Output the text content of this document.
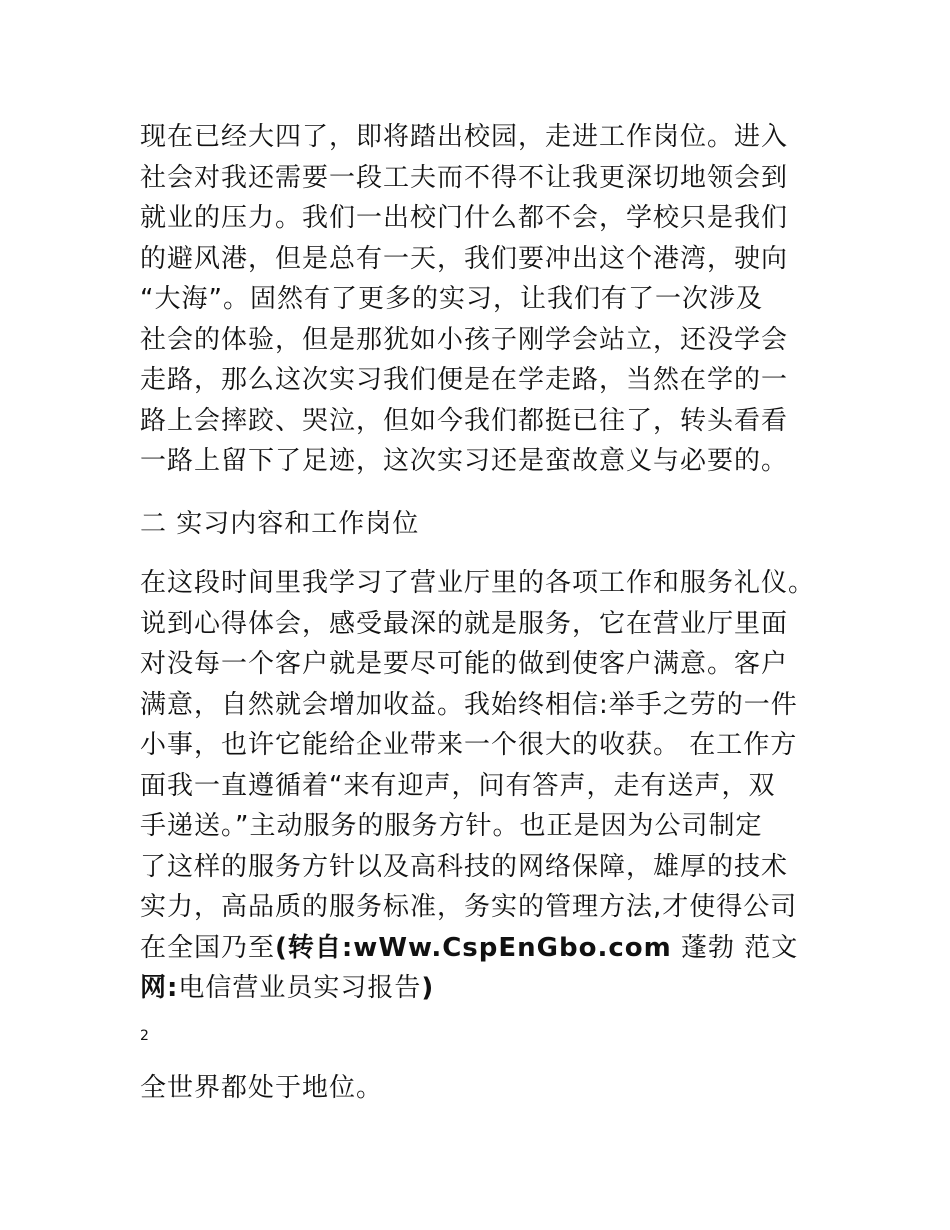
现在已经大四了，即将踏出校园，走进工作岗位。进入
社会对我还需要一段工夫而不得不让我更深切地领会到
就业的压力。我们一出校门什么都不会，学校只是我们
的避风港，但是总有一天，我们要冲出这个港湾，驶向
“大海”。固然有了更多的实习，让我们有了一次涉及
社会的体验，但是那犹如小孩子刚学会站立，还没学会
走路，那么这次实习我们便是在学走路，当然在学的一
路上会摔跤、哭泣，但如今我们都挺已往了，转头看看
一路上留下了足迹，这次实习还是蛮故意义与必要的。
二 实习内容和工作岗位
在这段时间里我学习了营业厅里的各项工作和服务礼仪。
说到心得体会，感受最深的就是服务，它在营业厅里面
对没每一个客户就是要尽可能的做到使客户满意。客户
满意，自然就会增加收益。我始终相信:举手之劳的一件
小事，也许它能给企业带来一个很大的收获。 在工作方
面我一直遵循着“来有迎声，问有答声，走有送声，双
手递送。”主动服务的服务方针。也正是因为公司制定
了这样的服务方针以及高科技的网络保障，雄厚的技术
实力，高品质的服务标准，务实的管理方法,才使得公司
在全国乃至(转自:wWw.CspEnGbo.com 蓬勃 范文
网:电信营业员实习报告)
2
全世界都处于地位。
